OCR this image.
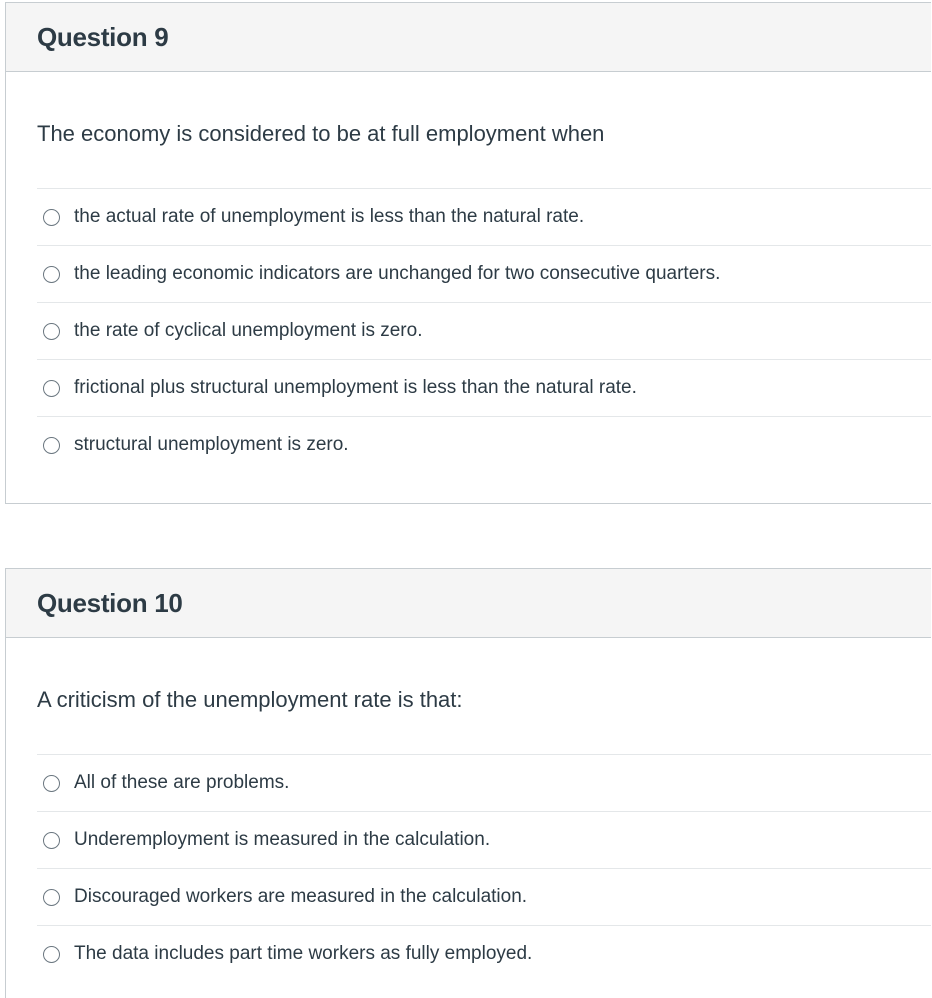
Question 9

The economy is considered to be at full employment when

the actual rate of unemployment is less than the natural rate.
the leading economic indicators are unchanged for two consecutive quarters.
the rate of cyclical unemployment is zero.
frictional plus structural unemployment is less than the natural rate.
structural unemployment is zero.
Question 10

A criticism of the unemployment rate is that:

All of these are problems.
Underemployment is measured in the calculation.
Discouraged workers are measured in the calculation.
The data includes part time workers as fully employed.
